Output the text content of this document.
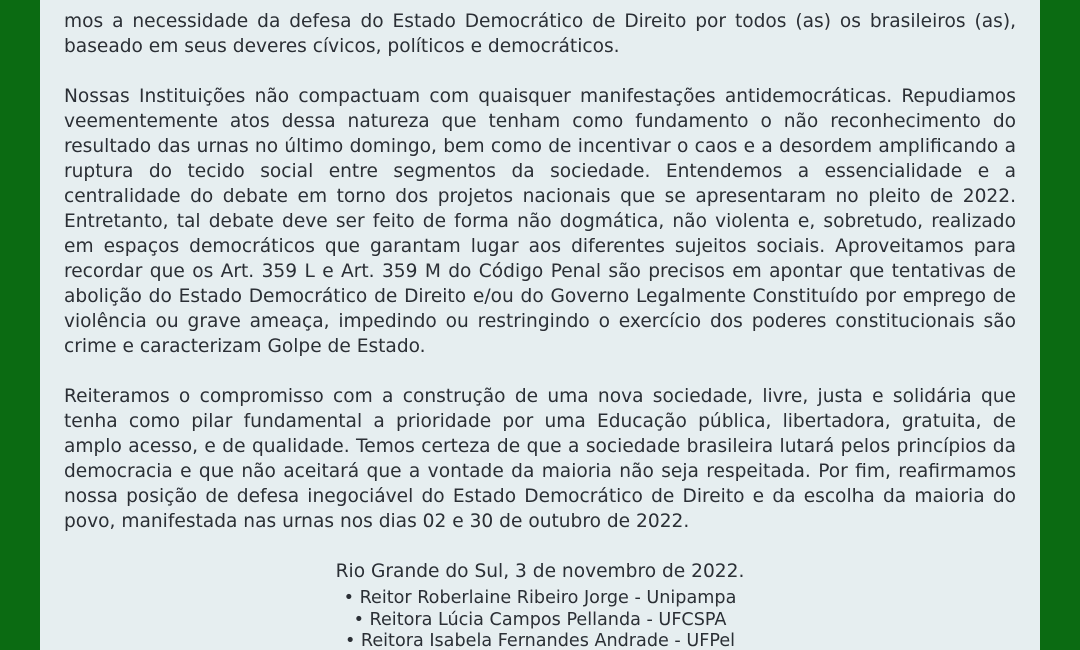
mos a necessidade da defesa do Estado Democrático de Direito por todos (as) os brasileiros (as), baseado em seus deveres cívicos, políticos e democráticos.

Nossas Instituições não compactuam com quaisquer manifestações antidemocráticas. Repudiamos veementemente atos dessa natureza que tenham como fundamento o não reconhecimento do resultado das urnas no último domingo, bem como de incentivar o caos e a desordem amplificando a ruptura do tecido social entre segmentos da sociedade. Entendemos a essencialidade e a centralidade do debate em torno dos projetos nacionais que se apresentaram no pleito de 2022. Entretanto, tal debate deve ser feito de forma não dogmática, não violenta e, sobretudo, realizado em espaços democráticos que garantam lugar aos diferentes sujeitos sociais. Aproveitamos para recordar que os Art. 359 L e Art. 359 M do Código Penal são precisos em apontar que tentativas de abolição do Estado Democrático de Direito e/ou do Governo Legalmente Constituído por emprego de violência ou grave ameaça, impedindo ou restringindo o exercício dos poderes constitucionais são crime e caracterizam Golpe de Estado.

Reiteramos o compromisso com a construção de uma nova sociedade, livre, justa e solidária que tenha como pilar fundamental a prioridade por uma Educação pública, libertadora, gratuita, de amplo acesso, e de qualidade. Temos certeza de que a sociedade brasileira lutará pelos princípios da democracia e que não aceitará que a vontade da maioria não seja respeitada. Por fim, reafirmamos nossa posição de defesa inegociável do Estado Democrático de Direito e da escolha da maioria do povo, manifestada nas urnas nos dias 02 e 30 de outubro de 2022.

Rio Grande do Sul, 3 de novembro de 2022.

• Reitor Roberlaine Ribeiro Jorge - Unipampa
• Reitora Lúcia Campos Pellanda - UFCSPA
• Reitora Isabela Fernandes Andrade - UFPel
